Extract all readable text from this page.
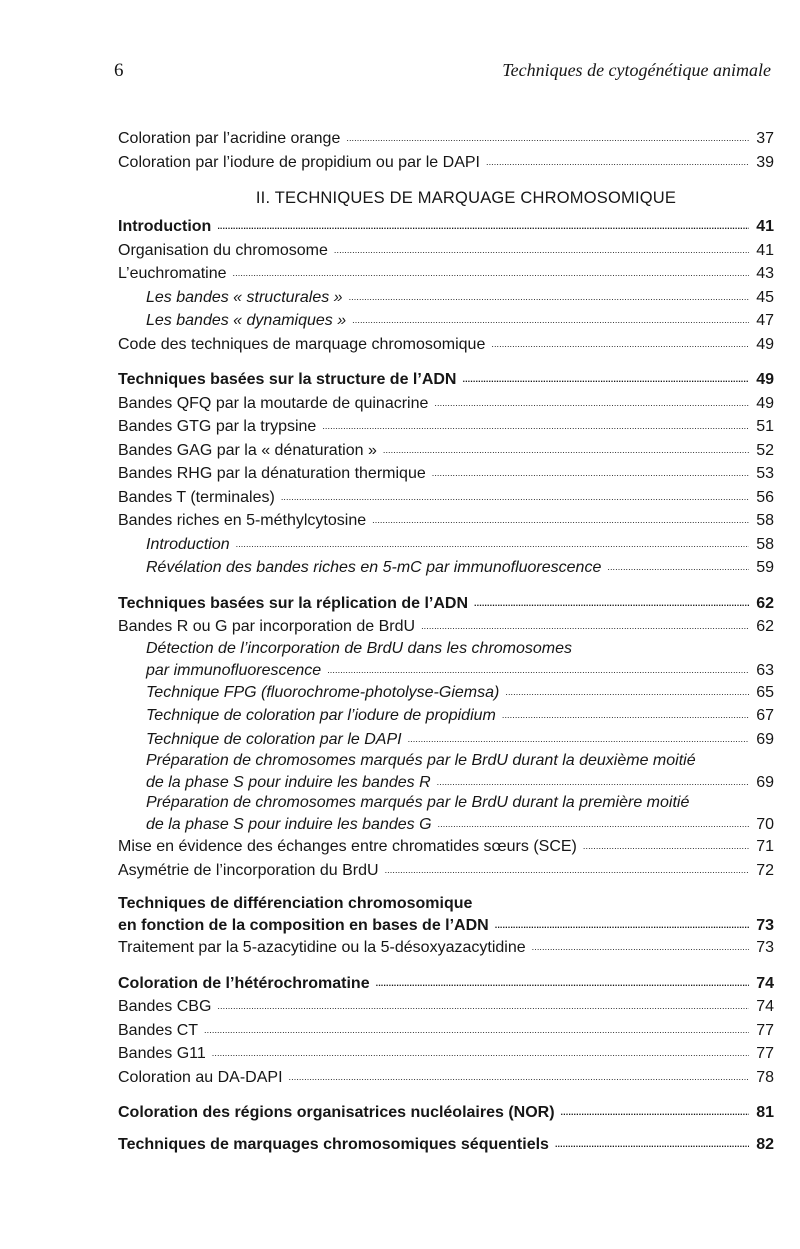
6	Techniques de cytogénétique animale
Coloration par l’acridine orange . . .	37
Coloration par l’iodure de propidium ou par le DAPI . . .	39
II. TECHNIQUES DE MARQUAGE CHROMOSOMIQUE
Introduction . . .	41
Organisation du chromosome . . .	41
L’euchromatine . . .	43
Les bandes « structurales » . . .	45
Les bandes « dynamiques » . . .	47
Code des techniques de marquage chromosomique . . .	49
Techniques basées sur la structure de l’ADN . . .	49
Bandes QFQ par la moutarde de quinacrine . . .	49
Bandes GTG par la trypsine . . .	51
Bandes GAG par la « dénaturation » . . .	52
Bandes RHG par la dénaturation thermique . . .	53
Bandes T (terminales) . . .	56
Bandes riches en 5-méthylcytosine . . .	58
Introduction . . .	58
Révélation des bandes riches en 5-mC par immunofluorescence . . .	59
Techniques basées sur la réplication de l’ADN . . .	62
Bandes R ou G par incorporation de BrdU . . .	62
Détection de l’incorporation de BrdU dans les chromosomes
par immunofluorescence . . .	63
Technique FPG (fluorochrome-photolyse-Giemsa) . . .	65
Technique de coloration par l’iodure de propidium . . .	67
Technique de coloration par le DAPI . . .	69
Préparation de chromosomes marqués par le BrdU durant la deuxième moitié
de la phase S pour induire les bandes R . . .	69
Préparation de chromosomes marqués par le BrdU durant la première moitié
de la phase S pour induire les bandes G . . .	70
Mise en évidence des échanges entre chromatides sœurs (SCE) . . .	71
Asymétrie de l’incorporation du BrdU . . .	72
Techniques de différenciation chromosomique
en fonction de la composition en bases de l’ADN . . .	73
Traitement par la 5-azacytidine ou la 5-désoxyazacytidine . . .	73
Coloration de l’hétérochromatine . . .	74
Bandes CBG . . .	74
Bandes CT . . .	77
Bandes G11 . . .	77
Coloration au DA-DAPI . . .	78
Coloration des régions organisatrices nucléolaires (NOR) . . .	81
Techniques de marquages chromosomiques séquentiels . . .	82
